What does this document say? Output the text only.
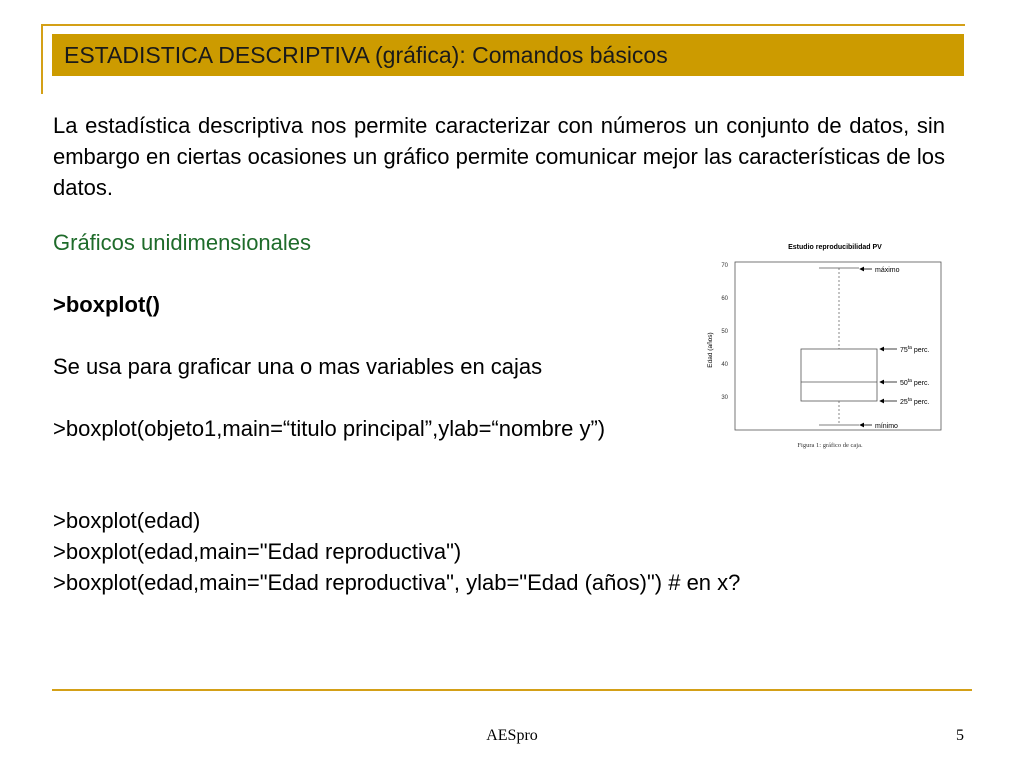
ESTADISTICA DESCRIPTIVA (gráfica): Comandos básicos

La estadística descriptiva nos permite caracterizar con números un conjunto de datos, sin embargo en ciertas ocasiones un gráfico permite comunicar mejor las características de los datos.

Gráficos unidimensionales

>boxplot()

Se usa para graficar una o mas variables en cajas

>boxplot(objeto1,main=“titulo principal”,ylab=“nombre y”)

>boxplot(edad)

>boxplot(edad,main="Edad reproductiva")

>boxplot(edad,main="Edad reproductiva", ylab="Edad (años)") # en x?

Estudio reproducibilidad PV
Edad (años)
70
60
50
40
30
máximo
$75^{ta}$ perc.
$50^{ta}$ perc.
$25^{ta}$ perc.
mínimo
Figura 1: gráfico de caja.
AESpro	5
